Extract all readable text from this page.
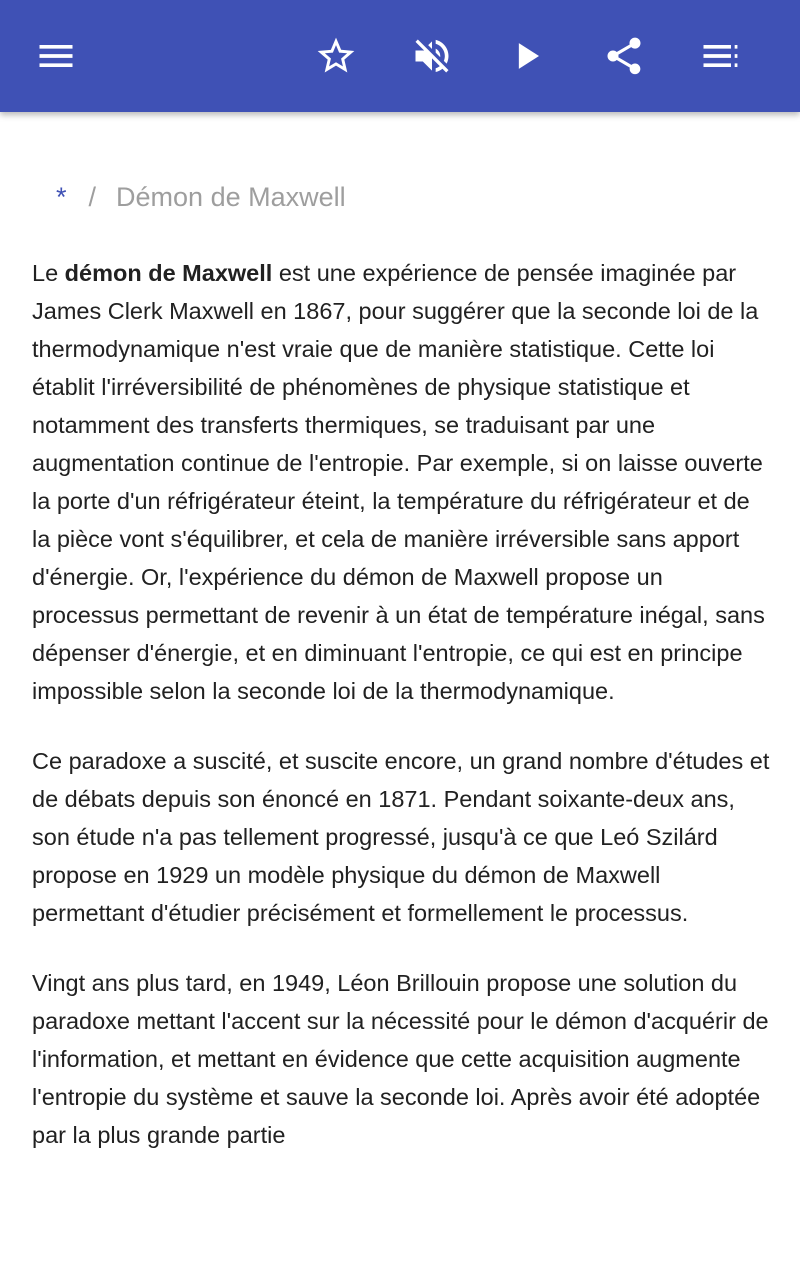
* / Démon de Maxwell

Le démon de Maxwell est une expérience de pensée imaginée par James Clerk Maxwell en 1867, pour suggérer que la seconde loi de la thermodynamique n'est vraie que de manière statistique. Cette loi établit l'irréversibilité de phénomènes de physique statistique et notamment des transferts thermiques, se traduisant par une augmentation continue de l'entropie. Par exemple, si on laisse ouverte la porte d'un réfrigérateur éteint, la température du réfrigérateur et de la pièce vont s'équilibrer, et cela de manière irréversible sans apport d'énergie. Or, l'expérience du démon de Maxwell propose un processus permettant de revenir à un état de température inégal, sans dépenser d'énergie, et en diminuant l'entropie, ce qui est en principe impossible selon la seconde loi de la thermodynamique.

Ce paradoxe a suscité, et suscite encore, un grand nombre d'études et de débats depuis son énoncé en 1871. Pendant soixante-deux ans, son étude n'a pas tellement progressé, jusqu'à ce que Leó Szilárd propose en 1929 un modèle physique du démon de Maxwell permettant d'étudier précisément et formellement le processus.

Vingt ans plus tard, en 1949, Léon Brillouin propose une solution du paradoxe mettant l'accent sur la nécessité pour le démon d'acquérir de l'information, et mettant en évidence que cette acquisition augmente l'entropie du système et sauve la seconde loi. Après avoir été adoptée par la plus grande partie
